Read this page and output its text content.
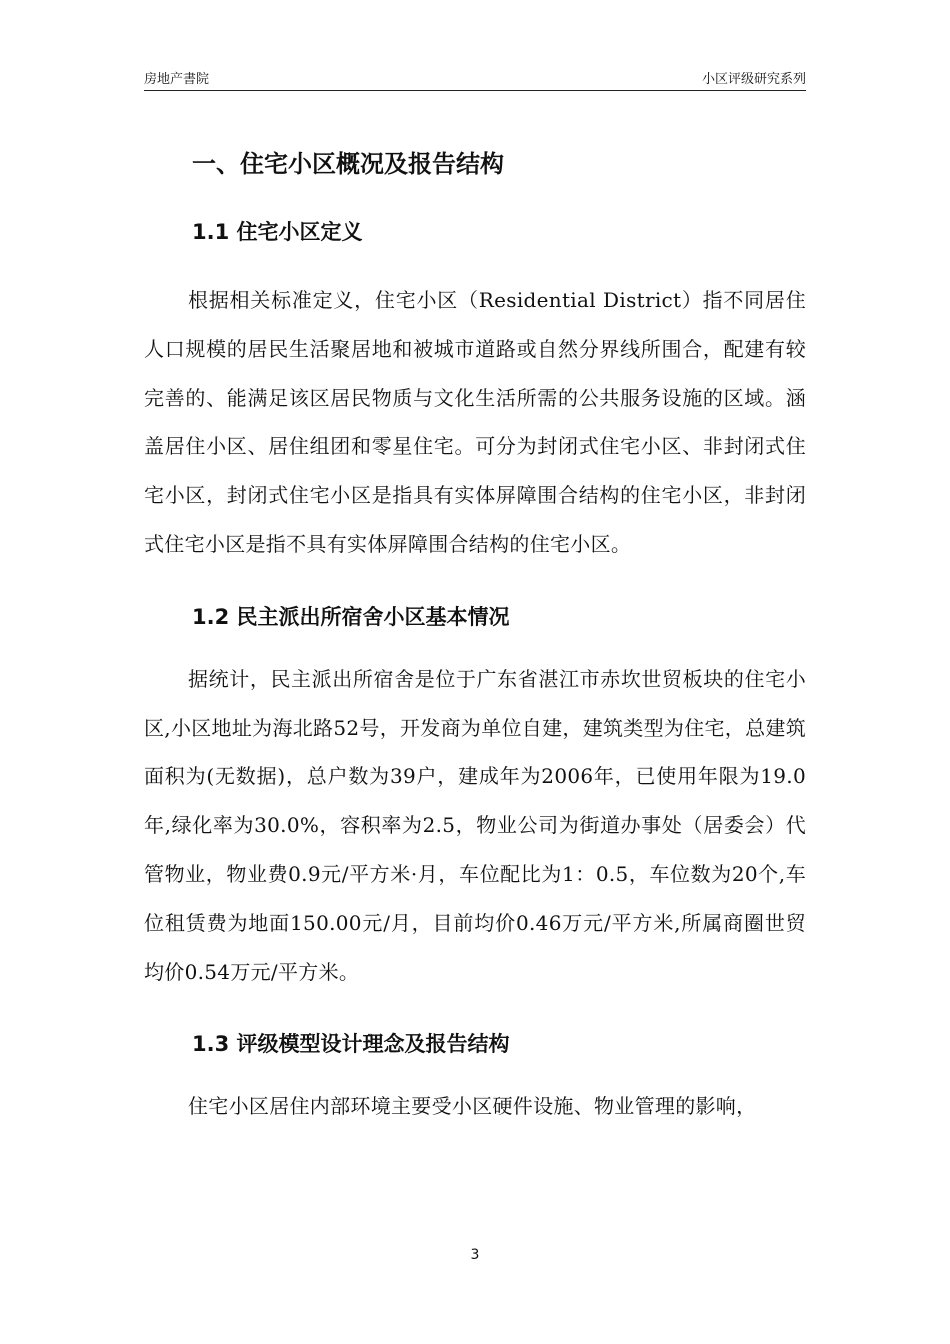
房地产書院	小区评级研究系列
一、住宅小区概况及报告结构
1.1 住宅小区定义

根据相关标准定义，住宅小区（Residential District）指不同居住人口规模的居民生活聚居地和被城市道路或自然分界线所围合，配建有较完善的、能满足该区居民物质与文化生活所需的公共服务设施的区域。涵盖居住小区、居住组团和零星住宅。可分为封闭式住宅小区、非封闭式住宅小区，封闭式住宅小区是指具有实体屏障围合结构的住宅小区，非封闭式住宅小区是指不具有实体屏障围合结构的住宅小区。

1.2 民主派出所宿舍小区基本情况

据统计，民主派出所宿舍是位于广东省湛江市赤坎世贸板块的住宅小区,小区地址为海北路52号，开发商为单位自建，建筑类型为住宅，总建筑面积为(无数据)，总户数为39户，建成年为2006年，已使用年限为19.0年,绿化率为30.0%，容积率为2.5，物业公司为街道办事处（居委会）代管物业，物业费0.9元/平方米·月，车位配比为1：0.5，车位数为20个,车位租赁费为地面150.00元/月，目前均价0.46万元/平方米,所属商圈世贸均价0.54万元/平方米。

1.3 评级模型设计理念及报告结构

住宅小区居住内部环境主要受小区硬件设施、物业管理的影响，

3
